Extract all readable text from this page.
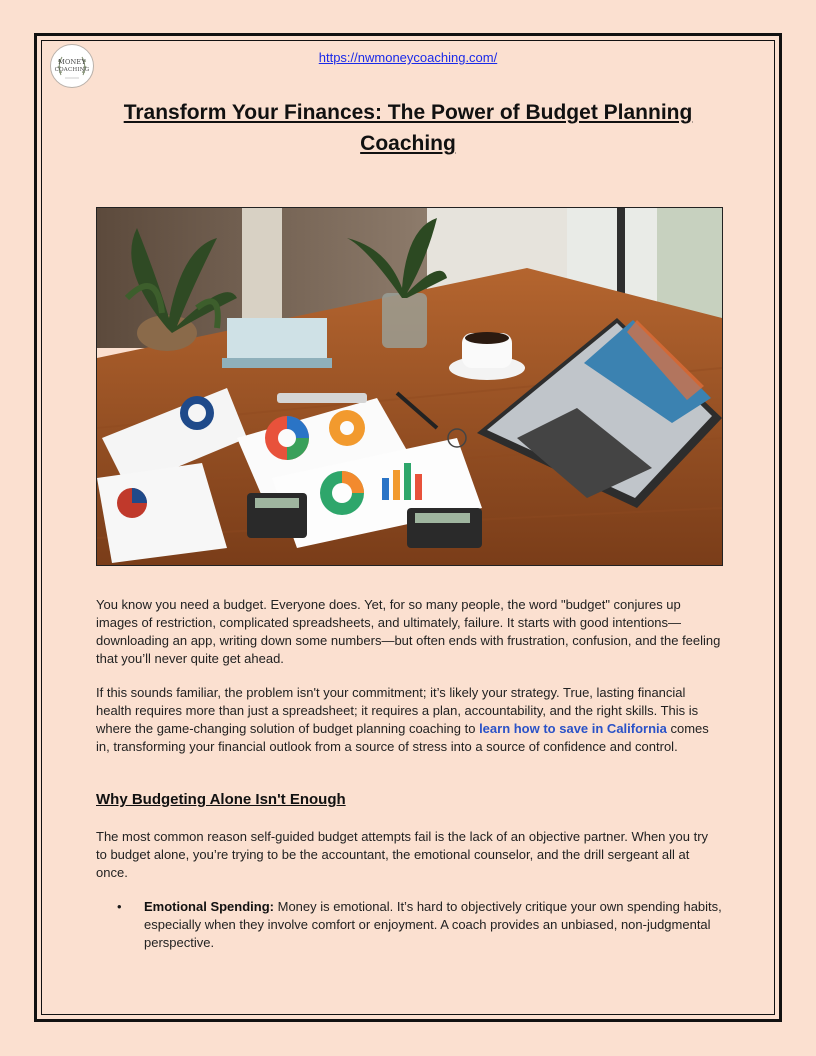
MONEY
COACHING
https://nwmoneycoaching.com/
Transform Your Finances: The Power of Budget Planning Coaching

You know you need a budget. Everyone does. Yet, for so many people, the word "budget" conjures up images of restriction, complicated spreadsheets, and ultimately, failure. It starts with good intentions—downloading an app, writing down some numbers—but often ends with frustration, confusion, and the feeling that you’ll never quite get ahead.

If this sounds familiar, the problem isn't your commitment; it’s likely your strategy. True, lasting financial health requires more than just a spreadsheet; it requires a plan, accountability, and the right skills. This is where the game-changing solution of budget planning coaching to learn how to save in California comes in, transforming your financial outlook from a source of stress into a source of confidence and control.

Why Budgeting Alone Isn't Enough

The most common reason self-guided budget attempts fail is the lack of an objective partner. When you try to budget alone, you’re trying to be the accountant, the emotional counselor, and the drill sergeant all at once.

• Emotional Spending: Money is emotional. It’s hard to objectively critique your own spending habits, especially when they involve comfort or enjoyment. A coach provides an unbiased, non-judgmental perspective.
